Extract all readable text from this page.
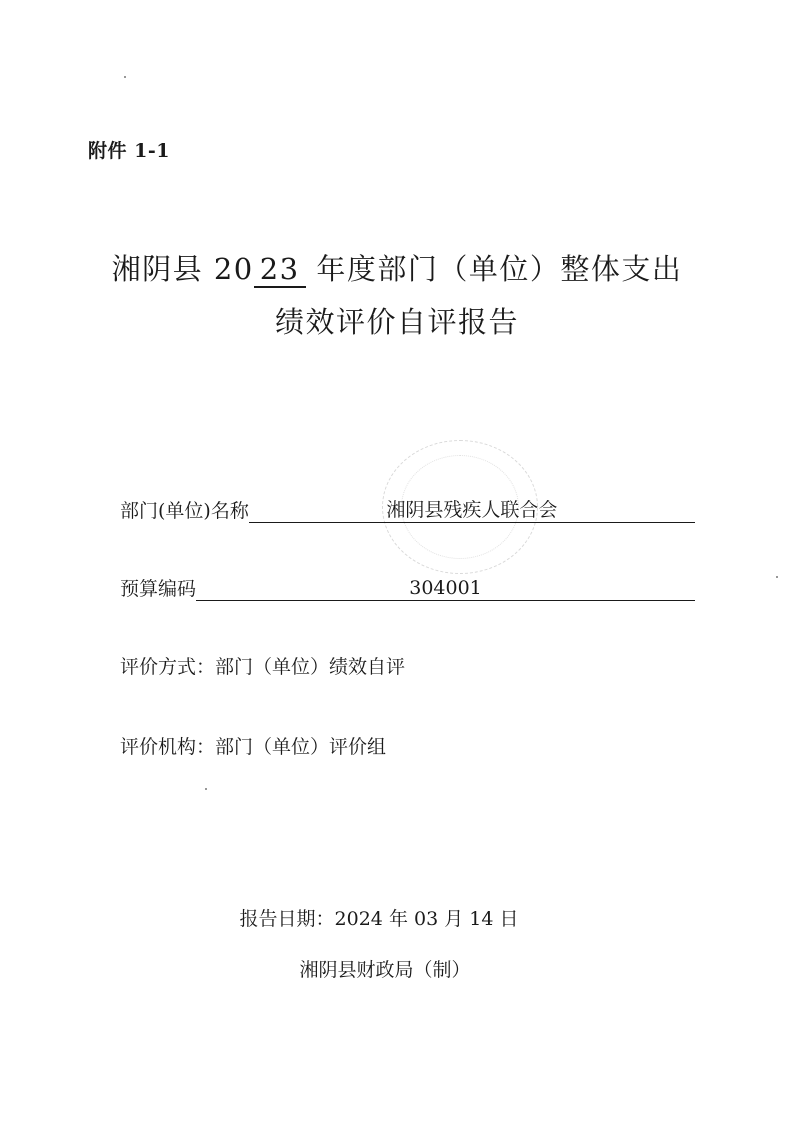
附件 1-1
湘阴县 20 23 年度部门（单位）整体支出
绩效评价自评报告
部门(单位)名称	湘阴县残疾人联合会
预算编码	304001
评价方式：部门（单位）绩效自评
评价机构：部门（单位）评价组
报告日期：2024 年 03 月 14 日
湘阴县财政局（制）
